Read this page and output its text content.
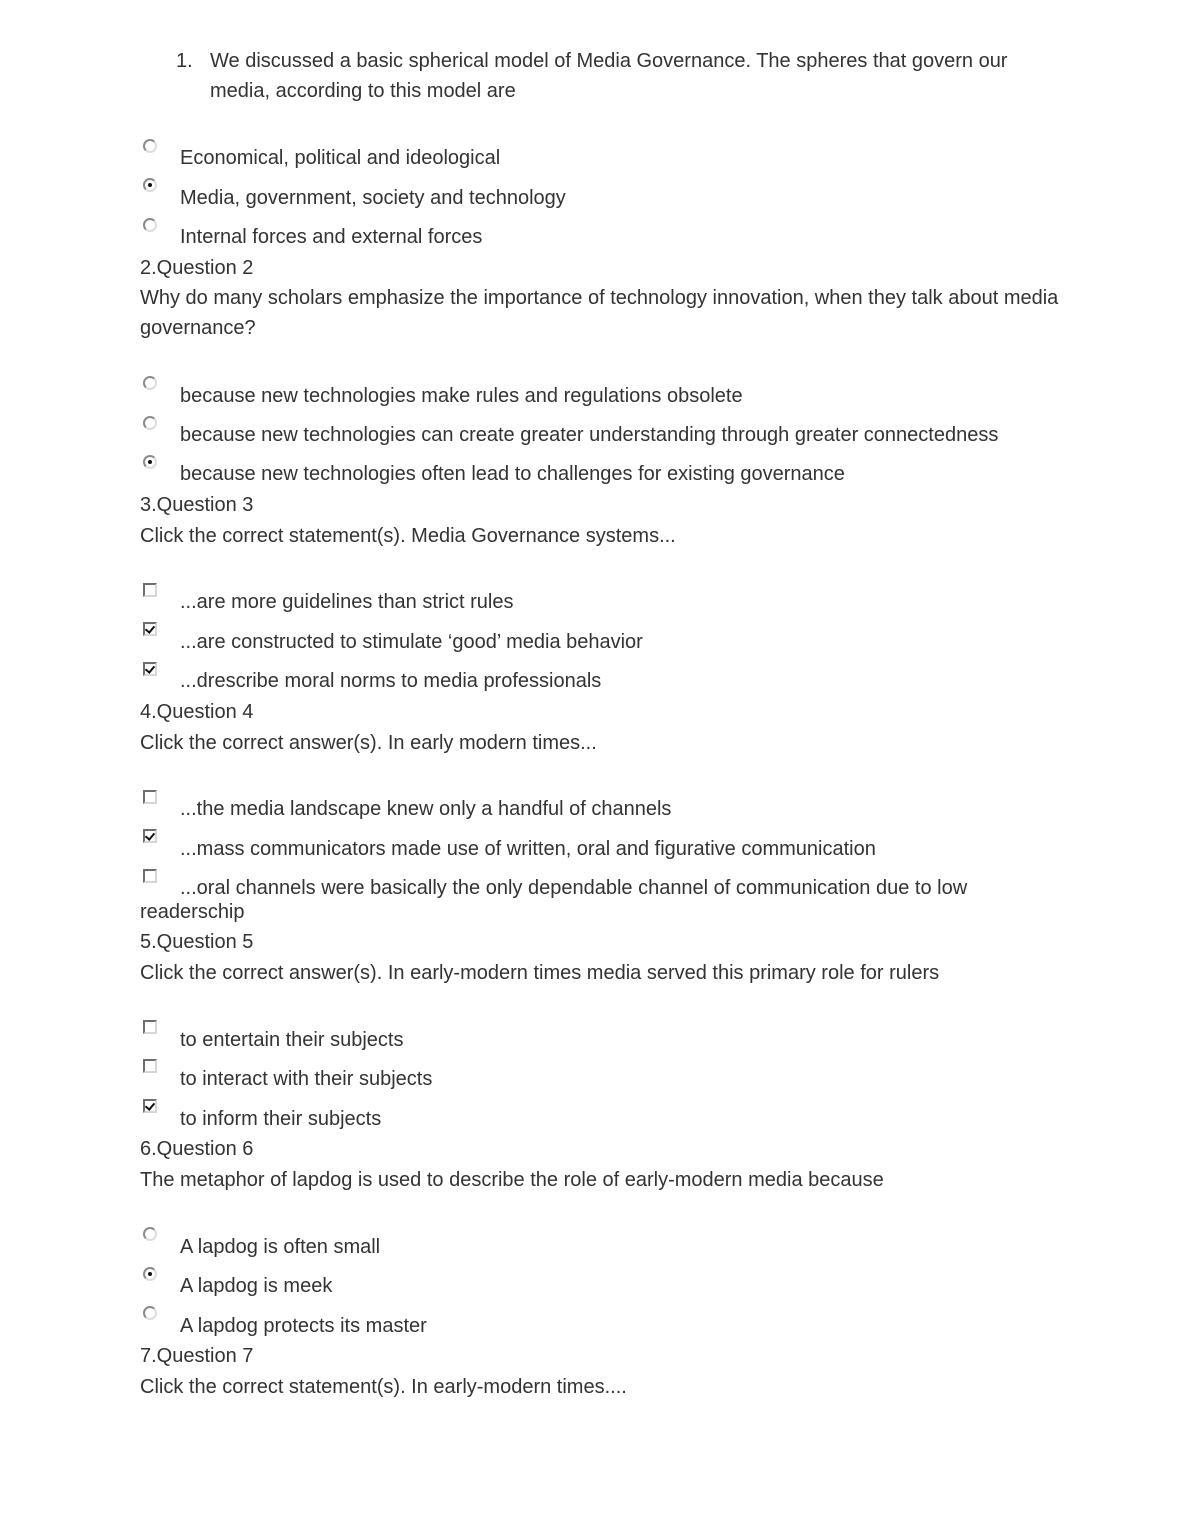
1. We discussed a basic spherical model of Media Governance. The spheres that govern our media, according to this model are
Economical, political and ideological
Media, government, society and technology
Internal forces and external forces
2.Question 2
Why do many scholars emphasize the importance of technology innovation, when they talk about media governance?
because new technologies make rules and regulations obsolete
because new technologies can create greater understanding through greater connectedness
because new technologies often lead to challenges for existing governance
3.Question 3
Click the correct statement(s). Media Governance systems...
...are more guidelines than strict rules
...are constructed to stimulate ‘good’ media behavior
...drescribe moral norms to media professionals
4.Question 4
Click the correct answer(s). In early modern times...
...the media landscape knew only a handful of channels
...mass communicators made use of written, oral and figurative communication
...oral channels were basically the only dependable channel of communication due to low
readerschip
5.Question 5
Click the correct answer(s). In early-modern times media served this primary role for rulers
to entertain their subjects
to interact with their subjects
to inform their subjects
6.Question 6
The metaphor of lapdog is used to describe the role of early-modern media because
A lapdog is often small
A lapdog is meek
A lapdog protects its master
7.Question 7
Click the correct statement(s). In early-modern times....
